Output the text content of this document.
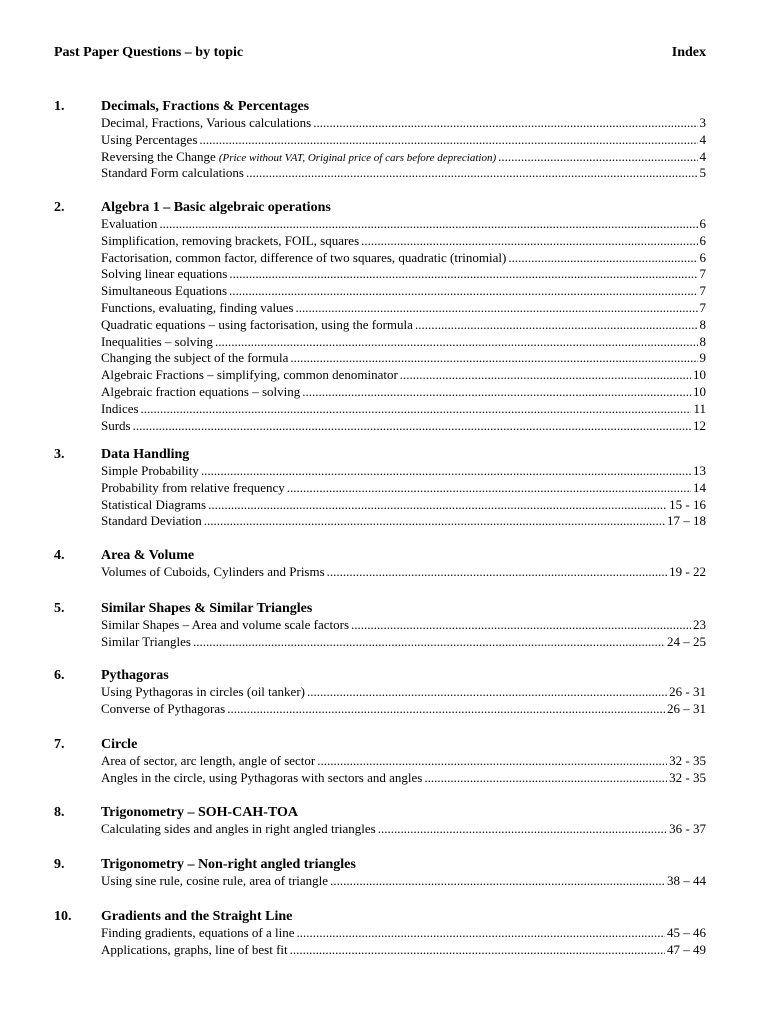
Past Paper Questions – by topic	Index
1.	Decimals, Fractions & Percentages
Decimal, Fractions, Various calculations .....	3
Using Percentages .....	4
Reversing the Change (Price without VAT, Original price of cars before depreciation) .....	4
Standard Form calculations .....	5
2.	Algebra 1 – Basic algebraic operations
Evaluation .....	6
Simplification, removing brackets, FOIL, squares .....	6
Factorisation, common factor, difference of two squares, quadratic (trinomial) .....	6
Solving linear equations .....	7
Simultaneous Equations .....	7
Functions, evaluating, finding values .....	7
Quadratic equations – using factorisation, using the formula .....	8
Inequalities – solving .....	8
Changing the subject of the formula .....	9
Algebraic Fractions – simplifying, common denominator .....	10
Algebraic fraction equations – solving .....	10
Indices .....	11
Surds .....	12
3.	Data Handling
Simple Probability .....	13
Probability from relative frequency .....	14
Statistical Diagrams .....	15 - 16
Standard Deviation .....	17 – 18
4.	Area & Volume
Volumes of Cuboids, Cylinders and Prisms .....	19 - 22
5.	Similar Shapes & Similar Triangles
Similar Shapes – Area and volume scale factors .....	23
Similar Triangles .....	24 – 25
6.	Pythagoras
Using Pythagoras in circles (oil tanker) .....	26 - 31
Converse of Pythagoras .....	26 – 31
7.	Circle
Area of sector, arc length, angle of sector .....	32 - 35
Angles in the circle, using Pythagoras with sectors and angles .....	32 - 35
8.	Trigonometry – SOH-CAH-TOA
Calculating sides and angles in right angled triangles .....	36 - 37
9.	Trigonometry – Non-right angled triangles
Using sine rule, cosine rule, area of triangle .....	38 – 44
10. Gradients and the Straight Line
Finding gradients, equations of a line .....	45 – 46
Applications, graphs, line of best fit .....	47 – 49
